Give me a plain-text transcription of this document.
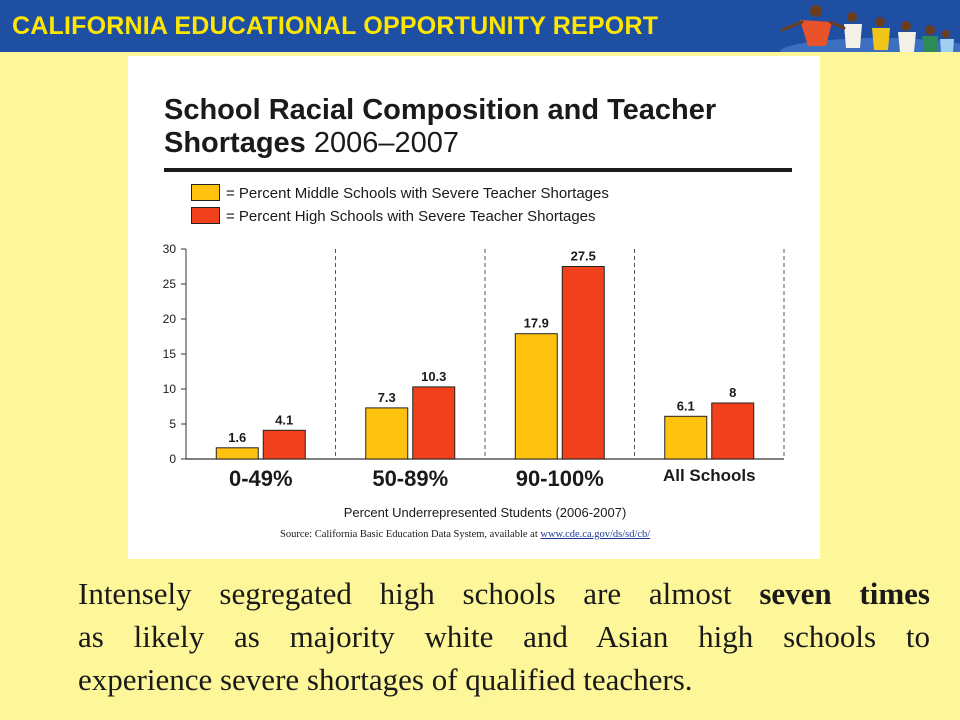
CALIFORNIA EDUCATIONAL OPPORTUNITY REPORT
School Racial Composition and Teacher Shortages 2006–2007
= Percent Middle Schools with Severe Teacher Shortages
= Percent High Schools with Severe Teacher Shortages
0
5
10
15
20
25
30
1.6
4.1
0-49%
7.3
10.3
50-89%
17.9
27.5
90-100%
6.1
8
All Schools
Percent Underrepresented Students (2006-2007)
Source: California Basic Education Data System, available at www.cde.ca.gov/ds/sd/cb/
Intensely segregated high schools are almost seven times
as likely as majority white and Asian high schools to
experience severe shortages of qualified teachers.
